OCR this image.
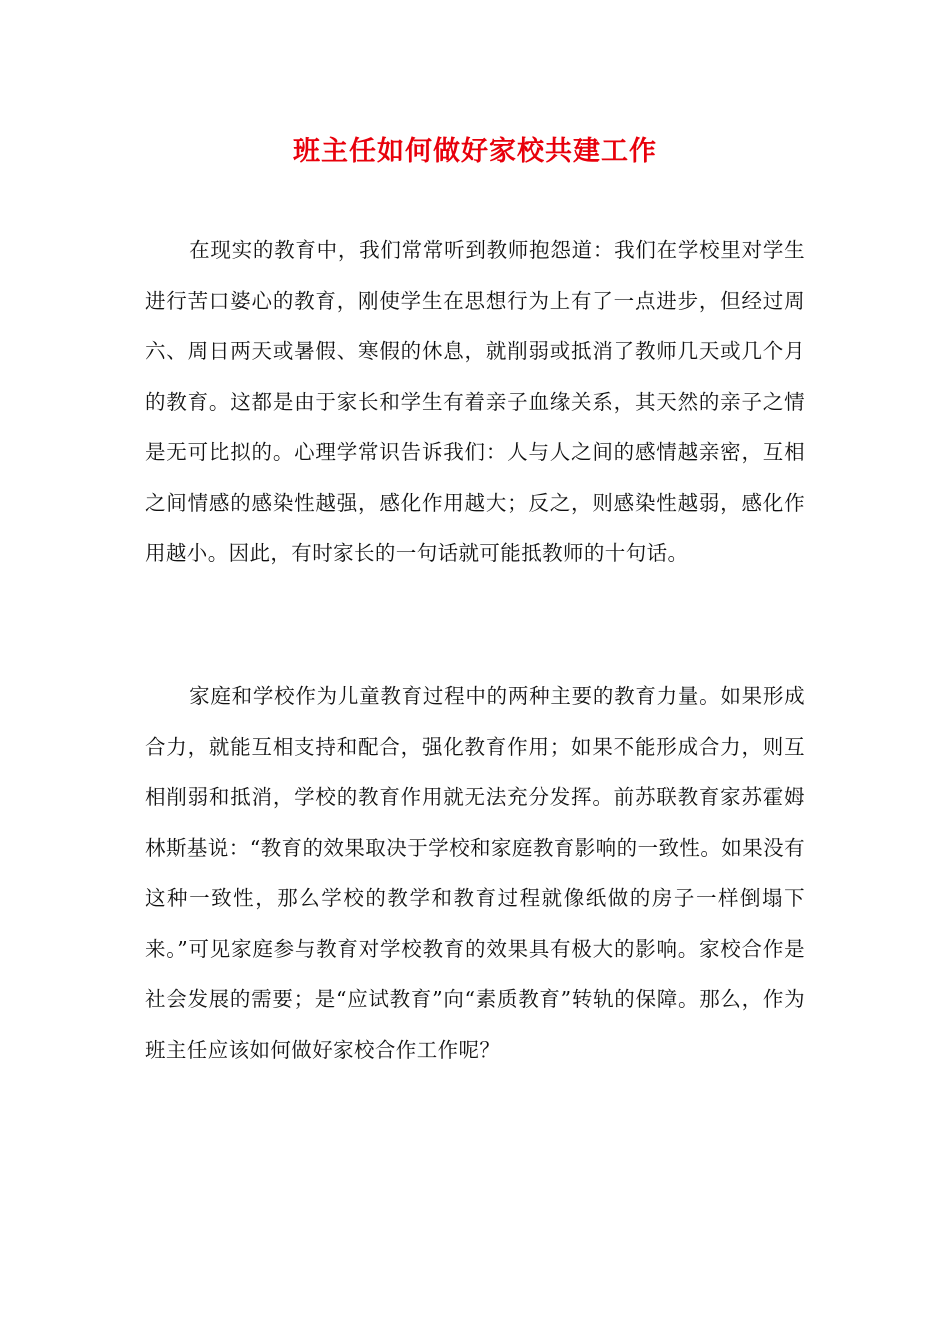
班主任如何做好家校共建工作

在现实的教育中，我们常常听到教师抱怨道：我们在学校里对学生进行苦口婆心的教育，刚使学生在思想行为上有了一点进步，但经过周六、周日两天或暑假、寒假的休息，就削弱或抵消了教师几天或几个月的教育。这都是由于家长和学生有着亲子血缘关系，其天然的亲子之情是无可比拟的。心理学常识告诉我们：人与人之间的感情越亲密，互相之间情感的感染性越强，感化作用越大；反之，则感染性越弱，感化作用越小。因此，有时家长的一句话就可能抵教师的十句话。

家庭和学校作为儿童教育过程中的两种主要的教育力量。如果形成合力，就能互相支持和配合，强化教育作用；如果不能形成合力，则互相削弱和抵消，学校的教育作用就无法充分发挥。前苏联教育家苏霍姆林斯基说：“教育的效果取决于学校和家庭教育影响的一致性。如果没有这种一致性，那么学校的教学和教育过程就像纸做的房子一样倒塌下来。”可见家庭参与教育对学校教育的效果具有极大的影响。家校合作是社会发展的需要；是“应试教育”向“素质教育”转轨的保障。那么，作为班主任应该如何做好家校合作工作呢？
